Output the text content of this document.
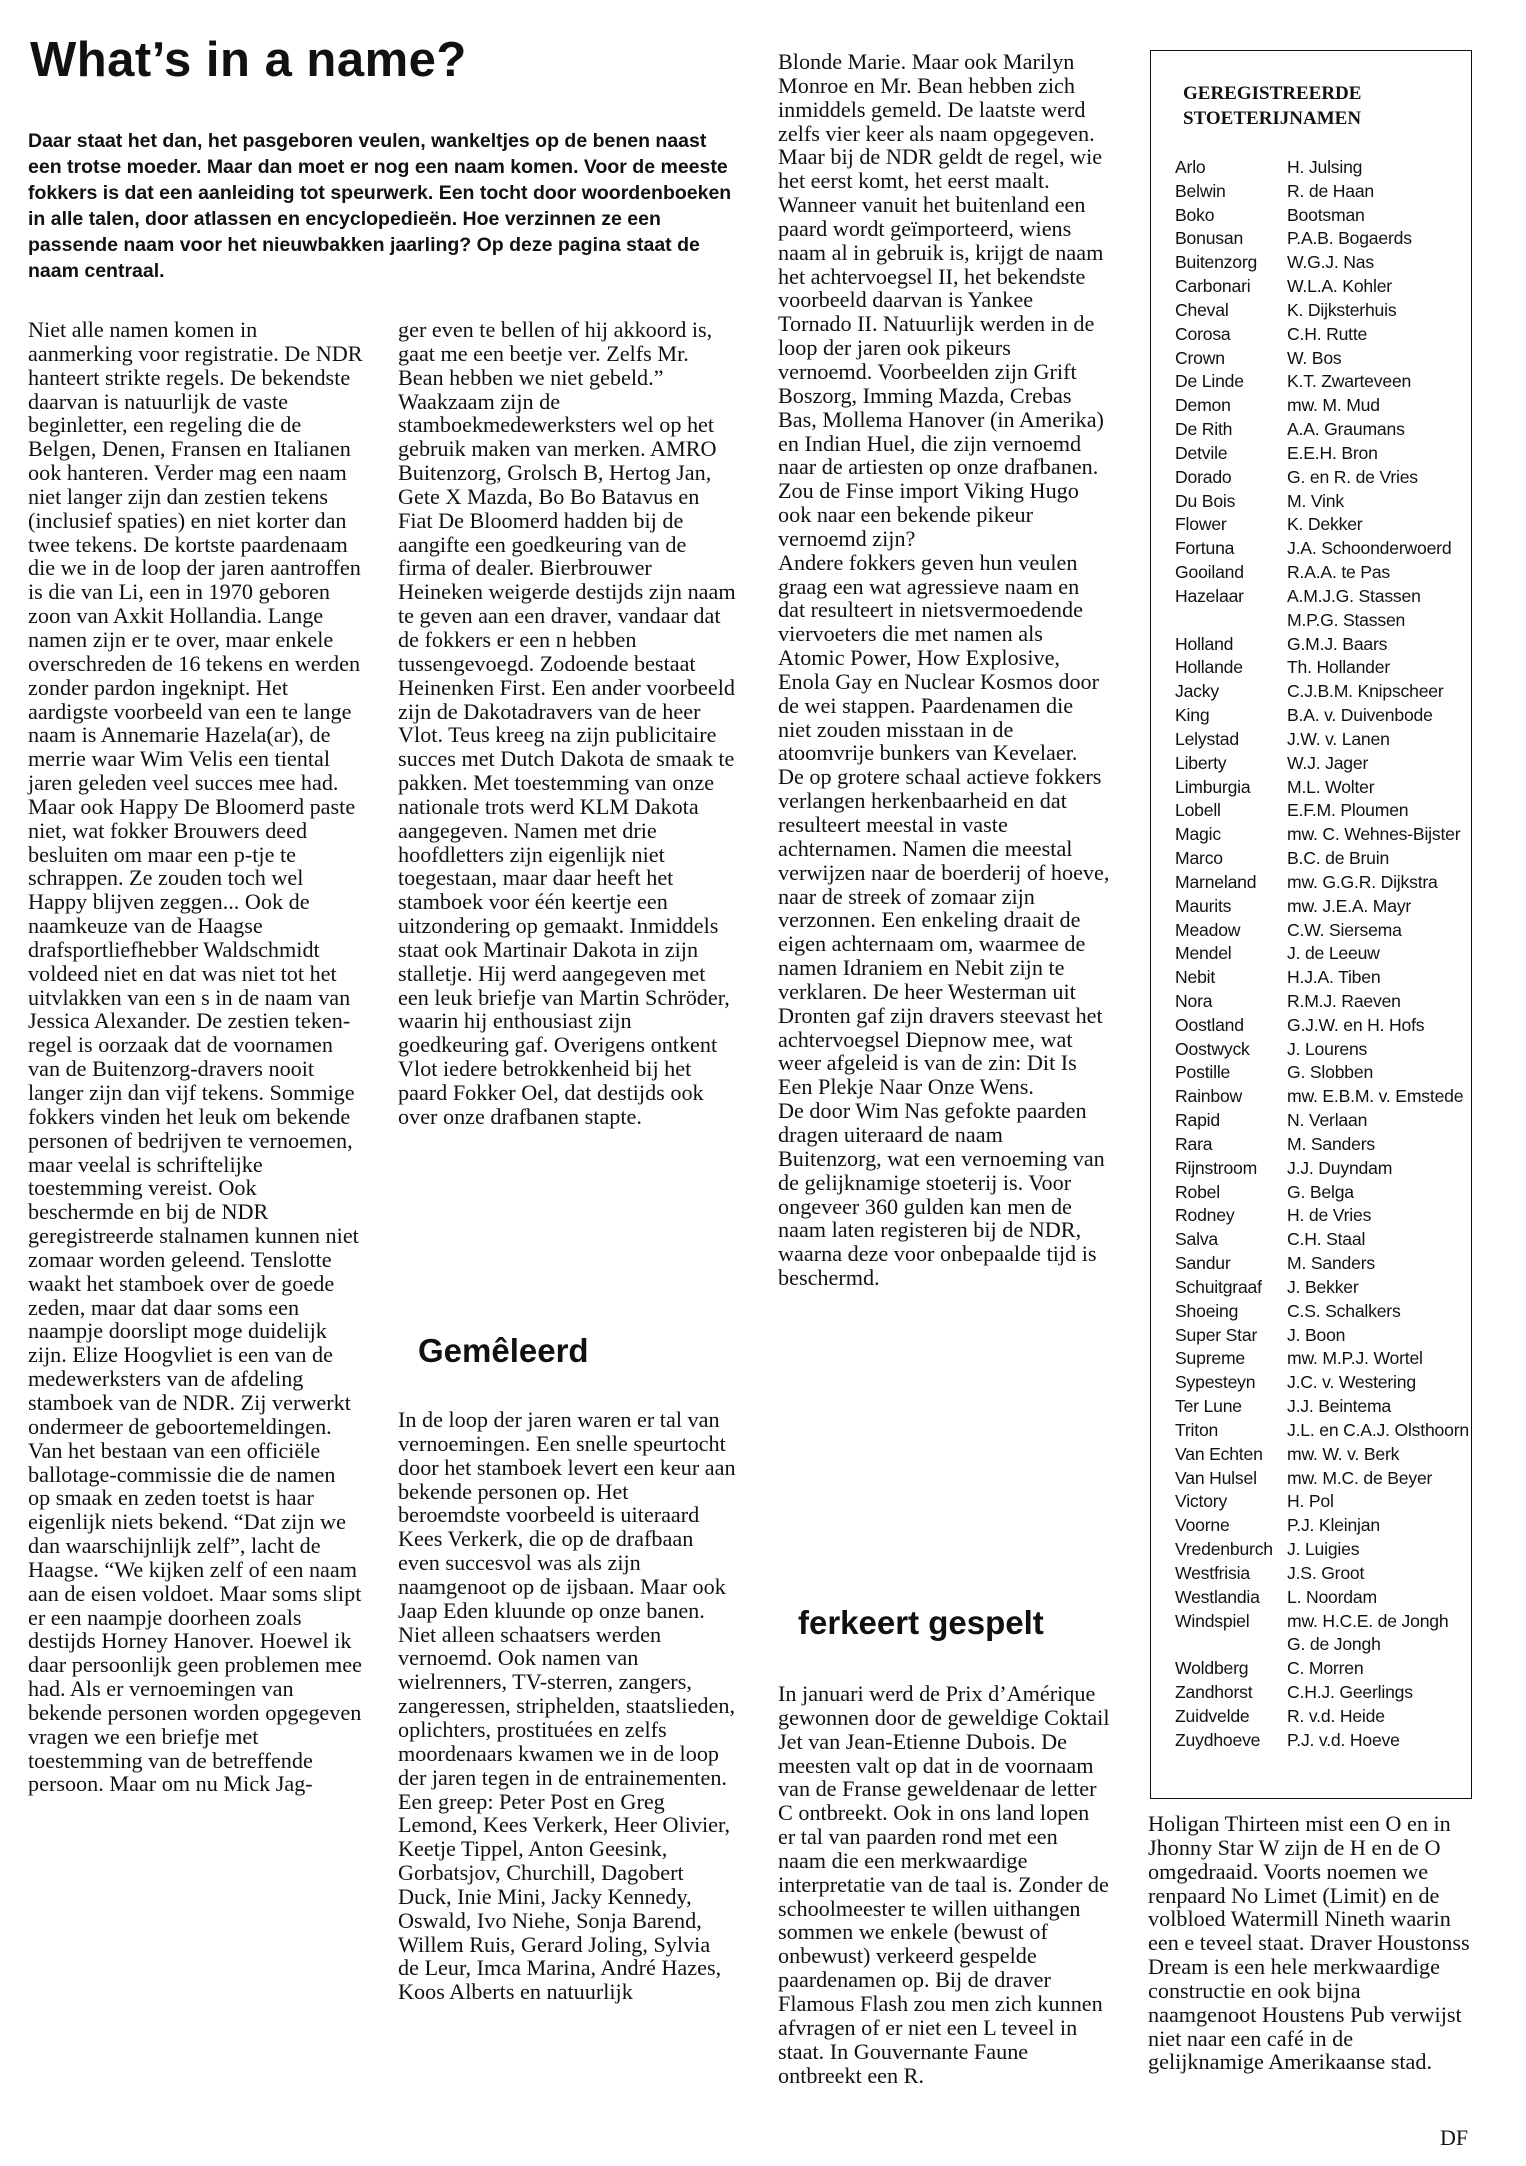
What’s in a name?

Daar staat het dan, het pasgeboren veulen, wankeltjes op de benen naast een trotse moeder. Maar dan moet er nog een naam komen. Voor de meeste fokkers is dat een aanleiding tot speurwerk. Een tocht door woordenboeken in alle talen, door atlassen en encyclopedieën. Hoe verzinnen ze een passende naam voor het nieuwbakken jaarling? Op deze pagina staat de naam centraal.

Niet alle namen komen in aanmerking voor registratie. De NDR hanteert strikte regels. De bekendste daarvan is natuurlijk de vaste beginletter, een regeling die de Belgen, Denen, Fransen en Italianen ook hanteren. Verder mag een naam niet langer zijn dan zestien tekens (inclusief spaties) en niet korter dan twee tekens. De kortste paardenaam die we in de loop der jaren aantroffen is die van Li, een in 1970 geboren zoon van Axkit Hollandia. Lange namen zijn er te over, maar enkele overschreden de 16 tekens en werden zonder pardon ingeknipt. Het aardigste voorbeeld van een te lange naam is Annemarie Hazela(ar), de merrie waar Wim Velis een tiental jaren geleden veel succes mee had. Maar ook Happy De Bloomerd paste niet, wat fokker Brouwers deed besluiten om maar een p-tje te schrappen. Ze zouden toch wel Happy blijven zeggen... Ook de naamkeuze van de Haagse drafsportliefhebber Waldschmidt voldeed niet en dat was niet tot het uitvlakken van een s in de naam van Jessica Alexander. De zestien teken-regel is oorzaak dat de voornamen van de Buitenzorg-dravers nooit langer zijn dan vijf tekens. Sommige fokkers vinden het leuk om bekende personen of bedrijven te vernoemen, maar veelal is schriftelijke toestemming vereist. Ook beschermde en bij de NDR geregistreerde stalnamen kunnen niet zomaar worden geleend. Tenslotte waakt het stamboek over de goede zeden, maar dat daar soms een naampje doorslipt moge duidelijk zijn. Elize Hoogvliet is een van de medewerksters van de afdeling stamboek van de NDR. Zij verwerkt ondermeer de geboortemeldingen. Van het bestaan van een officiële ballotage-commissie die de namen op smaak en zeden toetst is haar eigenlijk niets bekend. “Dat zijn we dan waarschijnlijk zelf”, lacht de Haagse. “We kijken zelf of een naam aan de eisen voldoet. Maar soms slipt er een naampje doorheen zoals destijds Horney Hanover. Hoewel ik daar persoonlijk geen problemen mee had. Als er vernoemingen van bekende personen worden opgegeven vragen we een briefje met toestemming van de betreffende persoon. Maar om nu Mick Jag-

ger even te bellen of hij akkoord is, gaat me een beetje ver. Zelfs Mr. Bean hebben we niet gebeld.” Waakzaam zijn de stamboekmedewerksters wel op het gebruik maken van merken. AMRO Buitenzorg, Grolsch B, Hertog Jan, Gete X Mazda, Bo Bo Batavus en Fiat De Bloomerd hadden bij de aangifte een goedkeuring van de firma of dealer. Bierbrouwer Heineken weigerde destijds zijn naam te geven aan een draver, vandaar dat de fokkers er een n hebben tussengevoegd. Zodoende bestaat Heinenken First. Een ander voorbeeld zijn de Dakotadravers van de heer Vlot. Teus kreeg na zijn publicitaire succes met Dutch Dakota de smaak te pakken. Met toestemming van onze nationale trots werd KLM Dakota aangegeven. Namen met drie hoofdletters zijn eigenlijk niet toegestaan, maar daar heeft het stamboek voor één keertje een uitzondering op gemaakt. Inmiddels staat ook Martinair Dakota in zijn stalletje. Hij werd aangegeven met een leuk briefje van Martin Schröder, waarin hij enthousiast zijn goedkeuring gaf. Overigens ontkent Vlot iedere betrokkenheid bij het paard Fokker Oel, dat destijds ook over onze drafbanen stapte.

Gemêleerd

In de loop der jaren waren er tal van vernoemingen. Een snelle speurtocht door het stamboek levert een keur aan bekende personen op. Het beroemdste voorbeeld is uiteraard Kees Verkerk, die op de drafbaan even succesvol was als zijn naamgenoot op de ijsbaan. Maar ook Jaap Eden kluunde op onze banen. Niet alleen schaatsers werden vernoemd. Ook namen van wielrenners, TV-sterren, zangers, zangeressen, striphelden, staatslieden, oplichters, prostituées en zelfs moordenaars kwamen we in de loop der jaren tegen in de entrainementen.
Een greep: Peter Post en Greg Lemond, Kees Verkerk, Heer Olivier, Keetje Tippel, Anton Geesink, Gorbatsjov, Churchill, Dagobert Duck, Inie Mini, Jacky Kennedy, Oswald, Ivo Niehe, Sonja Barend, Willem Ruis, Gerard Joling, Sylvia de Leur, Imca Marina, André Hazes, Koos Alberts en natuurlijk

Blonde Marie. Maar ook Marilyn Monroe en Mr. Bean hebben zich inmiddels gemeld. De laatste werd zelfs vier keer als naam opgegeven. Maar bij de NDR geldt de regel, wie het eerst komt, het eerst maalt. Wanneer vanuit het buitenland een paard wordt geïmporteerd, wiens naam al in gebruik is, krijgt de naam het achtervoegsel II, het bekendste voorbeeld daarvan is Yankee Tornado II. Natuurlijk werden in de loop der jaren ook pikeurs vernoemd. Voorbeelden zijn Grift Boszorg, Imming Mazda, Crebas Bas, Mollema Hanover (in Amerika) en Indian Huel, die zijn vernoemd naar de artiesten op onze drafbanen. Zou de Finse import Viking Hugo ook naar een bekende pikeur vernoemd zijn?
Andere fokkers geven hun veulen graag een wat agressieve naam en dat resulteert in nietsvermoedende viervoeters die met namen als Atomic Power, How Explosive, Enola Gay en Nuclear Kosmos door de wei stappen. Paardenamen die niet zouden misstaan in de atoomvrije bunkers van Kevelaer.
De op grotere schaal actieve fokkers verlangen herkenbaarheid en dat resulteert meestal in vaste achternamen. Namen die meestal verwijzen naar de boerderij of hoeve, naar de streek of zomaar zijn verzonnen. Een enkeling draait de eigen achternaam om, waarmee de namen Idraniem en Nebit zijn te verklaren. De heer Westerman uit Dronten gaf zijn dravers steevast het achtervoegsel Diepnow mee, wat weer afgeleid is van de zin: Dit Is Een Plekje Naar Onze Wens.
De door Wim Nas gefokte paarden dragen uiteraard de naam Buitenzorg, wat een vernoeming van de gelijknamige stoeterij is. Voor ongeveer 360 gulden kan men de naam laten registeren bij de NDR, waarna deze voor onbepaalde tijd is beschermd.

ferkeert gespelt

In januari werd de Prix d’Amérique gewonnen door de geweldige Coktail Jet van Jean-Etienne Dubois. De meesten valt op dat in de voornaam van de Franse geweldenaar de letter C ontbreekt. Ook in ons land lopen er tal van paarden rond met een naam die een merkwaardige interpretatie van de taal is. Zonder de schoolmeester te willen uithangen sommen we enkele (bewust of onbewust) verkeerd gespelde paardenamen op. Bij de draver Flamous Flash zou men zich kunnen afvragen of er niet een L teveel in staat. In Gouvernante Faune ontbreekt een R.

GEREGISTREERDE STOETERIJNAMEN
Arlo	H. Julsing
Belwin	R. de Haan
Boko	Bootsman
Bonusan P.A.B. Bogaerds
Buitenzorg W.G.J. Nas
Carbonari W.L.A. Kohler
Cheval	K. Dijksterhuis
Corosa	C.H. Rutte
Crown	W. Bos
De Linde K.T. Zwarteveen
Demon	mw. M. Mud
De Rith	A.A. Graumans
Detvile	E.E.H. Bron
Dorado	G. en R. de Vries
Du Bois	M. Vink
Flower	K. Dekker
Fortuna	J.A. Schoonderwoerd
Gooiland R.A.A. te Pas
Hazelaar A.M.J.G. Stassen
M.P.G. Stassen
Holland	G.M.J. Baars
Hollande	Th. Hollander
Jacky	C.J.B.M. Knipscheer
King	B.A. v. Duivenbode
Lelystad	J.W. v. Lanen
Liberty	W.J. Jager
Limburgia M.L. Wolter
Lobell	E.F.M. Ploumen
Magic	mw. C. Wehnes-Bijster
Marco	B.C. de Bruin
Marneland mw. G.G.R. Dijkstra
Maurits	mw. J.E.A. Mayr
Meadow	C.W. Siersema
Mendel	J. de Leeuw
Nebit	H.J.A. Tiben
Nora	R.M.J. Raeven
Oostland G.J.W. en H. Hofs
Oostwyck J. Lourens
Postille	G. Slobben
Rainbow	mw. E.B.M. v. Emstede
Rapid	N. Verlaan
Rara	M. Sanders
Rijnstroom J.J. Duyndam
Robel	G. Belga
Rodney	H. de Vries
Salva	C.H. Staal
Sandur	M. Sanders
Schuitgraaf J. Bekker
Shoeing	C.S. Schalkers
Super Star J. Boon
Supreme mw. M.P.J. Wortel
Sypesteyn J.C. v. Westering
Ter Lune	J.J. Beintema
Triton	J.L. en C.A.J. Olsthoorn
Van Echten mw. W. v. Berk
Van Hulsel mw. M.C. de Beyer
Victory	H. Pol
Voorne	P.J. Kleinjan
Vredenburch J. Luigies
Westfrisia J.S. Groot
Westlandia L. Noordam
Windspiel mw. H.C.E. de Jongh
G. de Jongh
Woldberg C. Morren
Zandhorst C.H.J. Geerlings
Zuidvelde R. v.d. Heide
Zuydhoeve P.J. v.d. Hoeve

Holigan Thirteen mist een O en in Jhonny Star W zijn de H en de O omgedraaid. Voorts noemen we renpaard No Limet (Limit) en de volbloed Watermill Nineth waarin een e teveel staat. Draver Houstonss Dream is een hele merkwaardige constructie en ook bijna naamgenoot Houstens Pub verwijst niet naar een café in de gelijknamige Amerikaanse stad.

DF
